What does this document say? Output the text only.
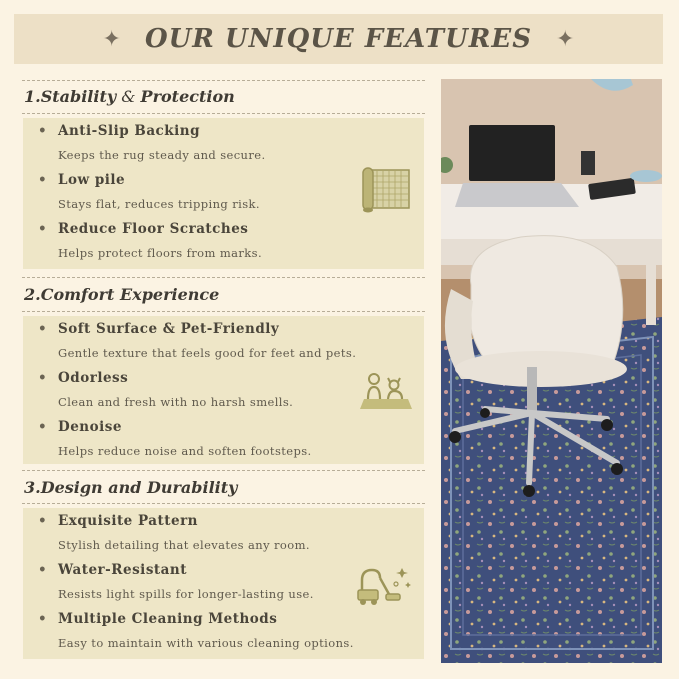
✦ OUR UNIQUE FEATURES ✦
1.Stability & Protection
• Anti-Slip Backing
Keeps the rug steady and secure.
• Low pile
Stays flat, reduces tripping risk.
• Reduce Floor Scratches
Helps protect floors from marks.
2.Comfort Experience
• Soft Surface & Pet-Friendly
Gentle texture that feels good for feet and pets.
• Odorless
Clean and fresh with no harsh smells.
• Denoise
Helps reduce noise and soften footsteps.
3.Design and Durability
• Exquisite Pattern
Stylish detailing that elevates any room.
• Water-Resistant
Resists light spills for longer-lasting use.
• Multiple Cleaning Methods
Easy to maintain with various cleaning options.
